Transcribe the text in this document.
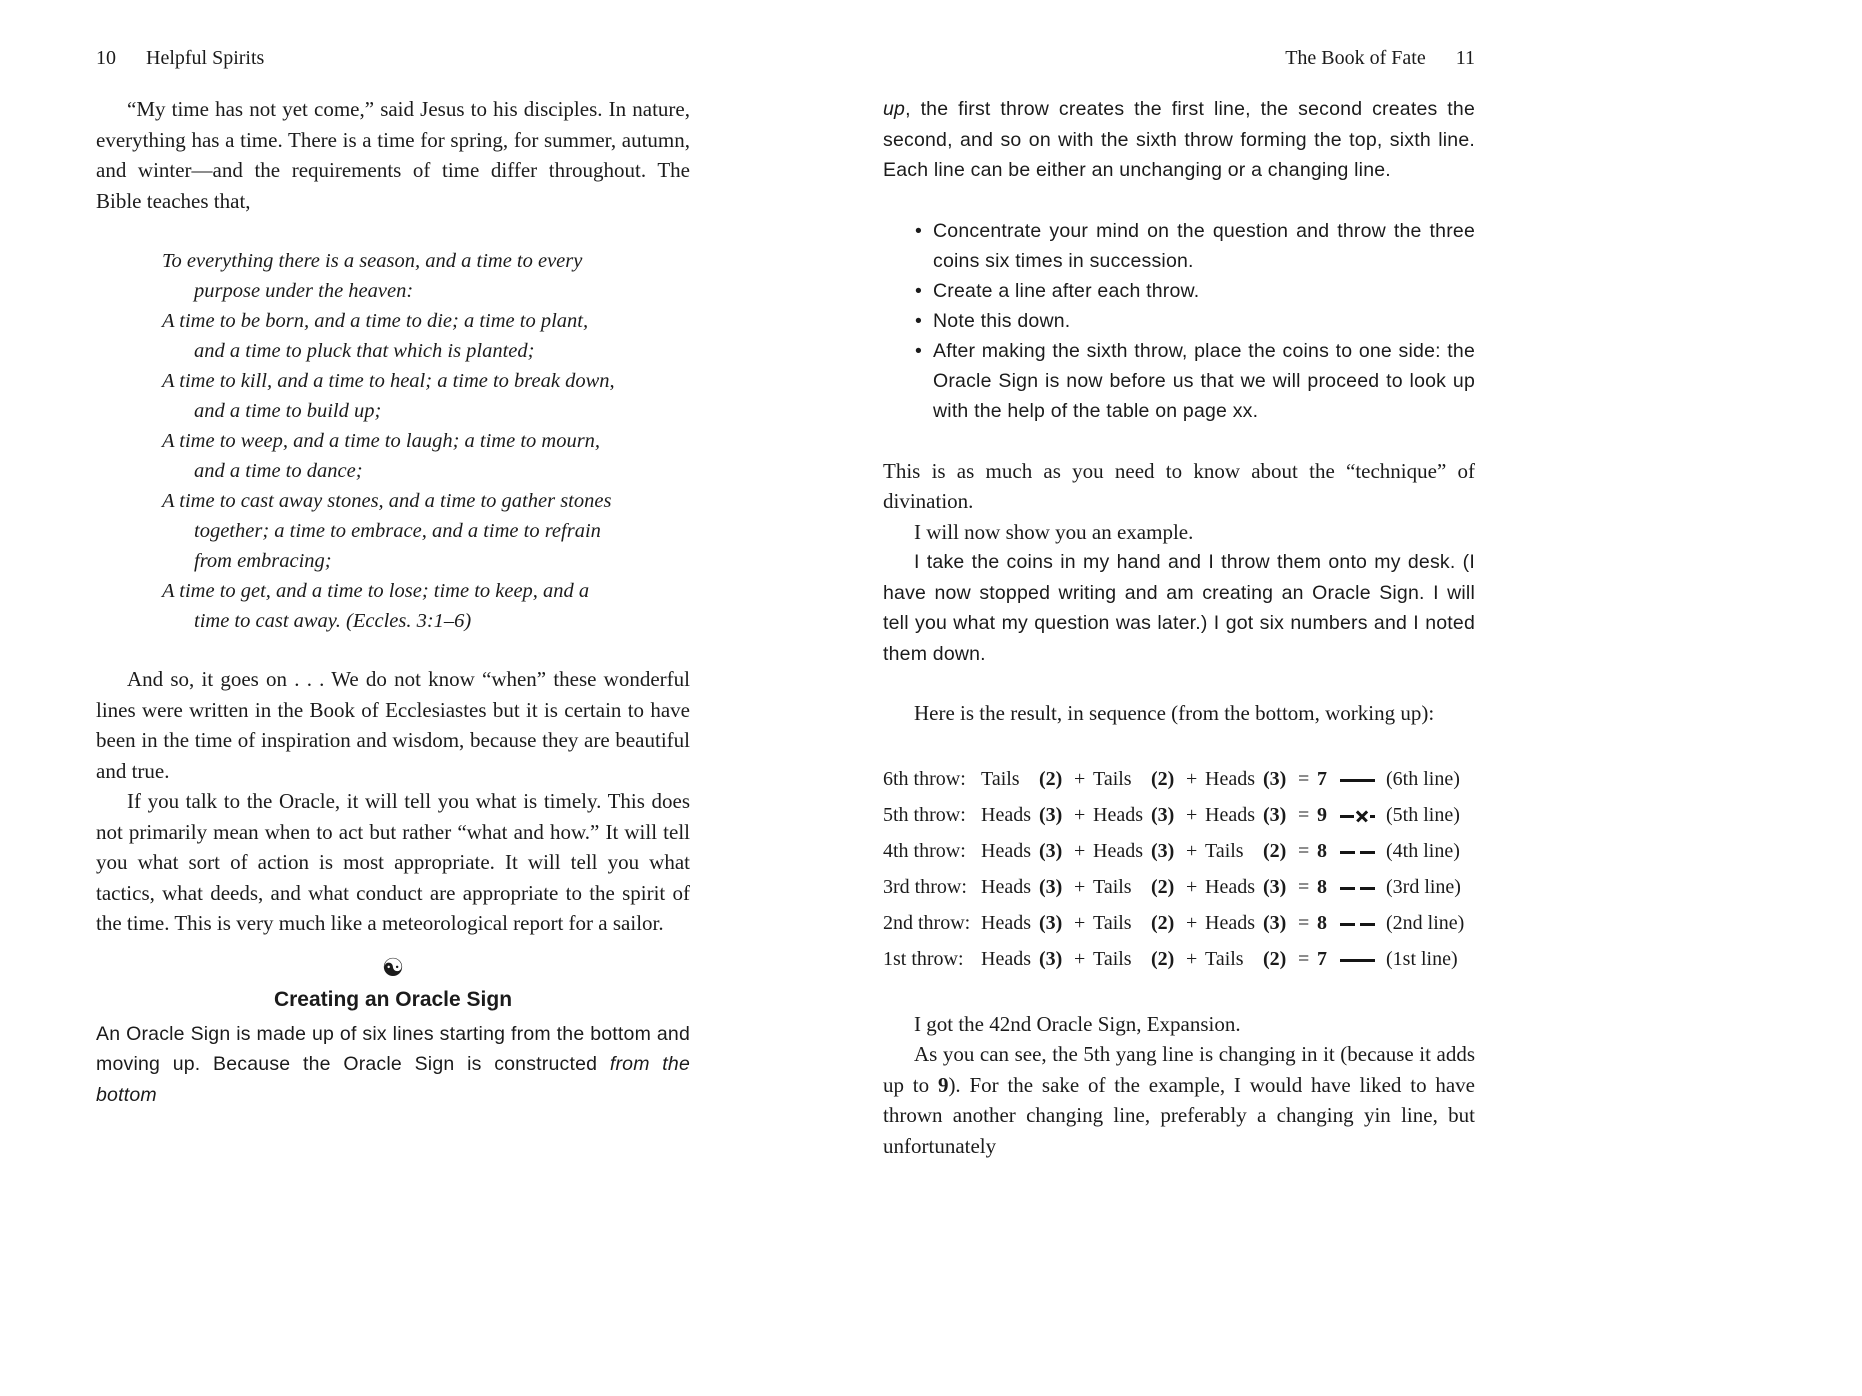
10 Helpful Spirits

“My time has not yet come,” said Jesus to his disciples. In nature, everything has a time. There is a time for spring, for summer, autumn, and winter—and the requirements of time differ throughout. The Bible teaches that,

To everything there is a season, and a time to every
purpose under the heaven:
A time to be born, and a time to die; a time to plant,
and a time to pluck that which is planted;
A time to kill, and a time to heal; a time to break down,
and a time to build up;
A time to weep, and a time to laugh; a time to mourn,
and a time to dance;
A time to cast away stones, and a time to gather stones
together; a time to embrace, and a time to refrain
from embracing;
A time to get, and a time to lose; time to keep, and a
time to cast away. (Eccles. 3:1–6)

And so, it goes on . . . We do not know “when” these wonderful lines were written in the Book of Ecclesiastes but it is certain to have been in the time of inspiration and wisdom, because they are beautiful and true.

If you talk to the Oracle, it will tell you what is timely. This does not primarily mean when to act but rather “what and how.” It will tell you what sort of action is most appropriate. It will tell you what tactics, what deeds, and what conduct are appropriate to the spirit of the time. This is very much like a meteorological report for a sailor.

☯
Creating an Oracle Sign

An Oracle Sign is made up of six lines starting from the bottom and moving up. Because the Oracle Sign is constructed from the bottom

The Book of Fate 11

up, the first throw creates the first line, the second creates the second, and so on with the sixth throw forming the top, sixth line. Each line can be either an unchanging or a changing line.

• Concentrate your mind on the question and throw the three coins six times in succession.
• Create a line after each throw.
• Note this down.
• After making the sixth throw, place the coins to one side: the Oracle Sign is now before us that we will proceed to look up with the help of the table on page xx.

This is as much as you need to know about the “technique” of divination.

I will now show you an example.

I take the coins in my hand and I throw them onto my desk. (I have now stopped writing and am creating an Oracle Sign. I will tell you what my question was later.) I got six numbers and I noted them down.

Here is the result, in sequence (from the bottom, working up):

6th throw: Tails (2) + Tails (2) + Heads (3) = 7	(6th line)
5th throw: Heads (3) + Heads (3) + Heads (3) = 9	(5th line)
4th throw: Heads (3) + Heads (3) + Tails (2) = 8	(4th line)
3rd throw: Heads (3) + Tails (2) + Heads (3) = 8	(3rd line)
2nd throw: Heads (3) + Tails (2) + Heads (3) = 8	(2nd line)
1st throw: Heads (3) + Tails (2) + Tails (2) = 7	(1st line)

I got the 42nd Oracle Sign, Expansion.

As you can see, the 5th yang line is changing in it (because it adds up to 9). For the sake of the example, I would have liked to have thrown another changing line, preferably a changing yin line, but unfortunately
